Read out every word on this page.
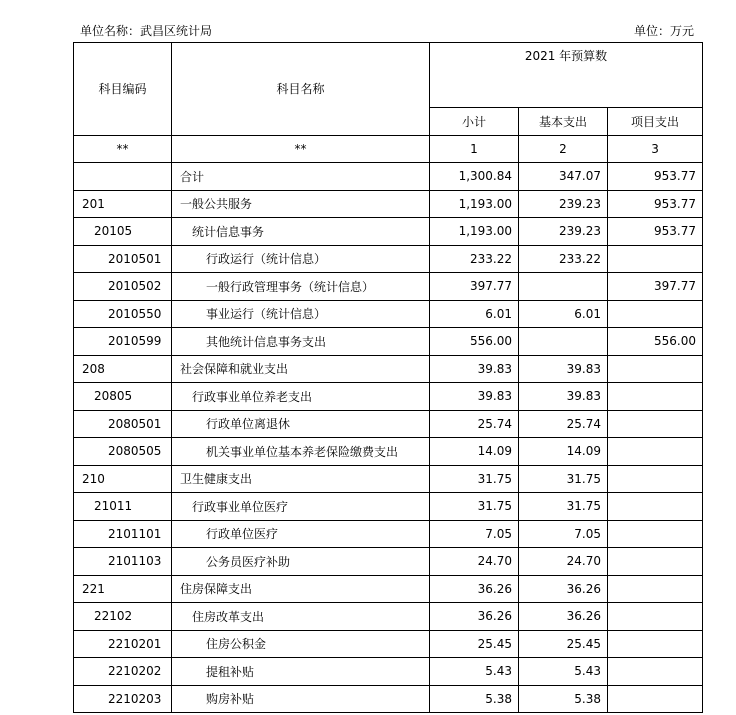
单位名称：武昌区统计局	单位：万元
科目编码	科目名称	2021 年预算数		
		小计	基本支出	项目支出
**	**	1	2	3
	合计	1,300.84	347.07	953.77
201	一般公共服务	1,193.00	239.23	953.77
20105	统计信息事务	1,193.00	239.23	953.77
2010501	行政运行（统计信息）	233.22	233.22	
2010502	一般行政管理事务（统计信息）	397.77		397.77
2010550	事业运行（统计信息）	6.01	6.01	
2010599	其他统计信息事务支出	556.00		556.00
208	社会保障和就业支出	39.83	39.83	
20805	行政事业单位养老支出	39.83	39.83	
2080501	行政单位离退休	25.74	25.74	
2080505	机关事业单位基本养老保险缴费支出	14.09	14.09	
210	卫生健康支出	31.75	31.75	
21011	行政事业单位医疗	31.75	31.75	
2101101	行政单位医疗	7.05	7.05	
2101103	公务员医疗补助	24.70	24.70	
221	住房保障支出	36.26	36.26	
22102	住房改革支出	36.26	36.26	
2210201	住房公积金	25.45	25.45	
2210202	提租补贴	5.43	5.43	
2210203	购房补贴	5.38	5.38	
